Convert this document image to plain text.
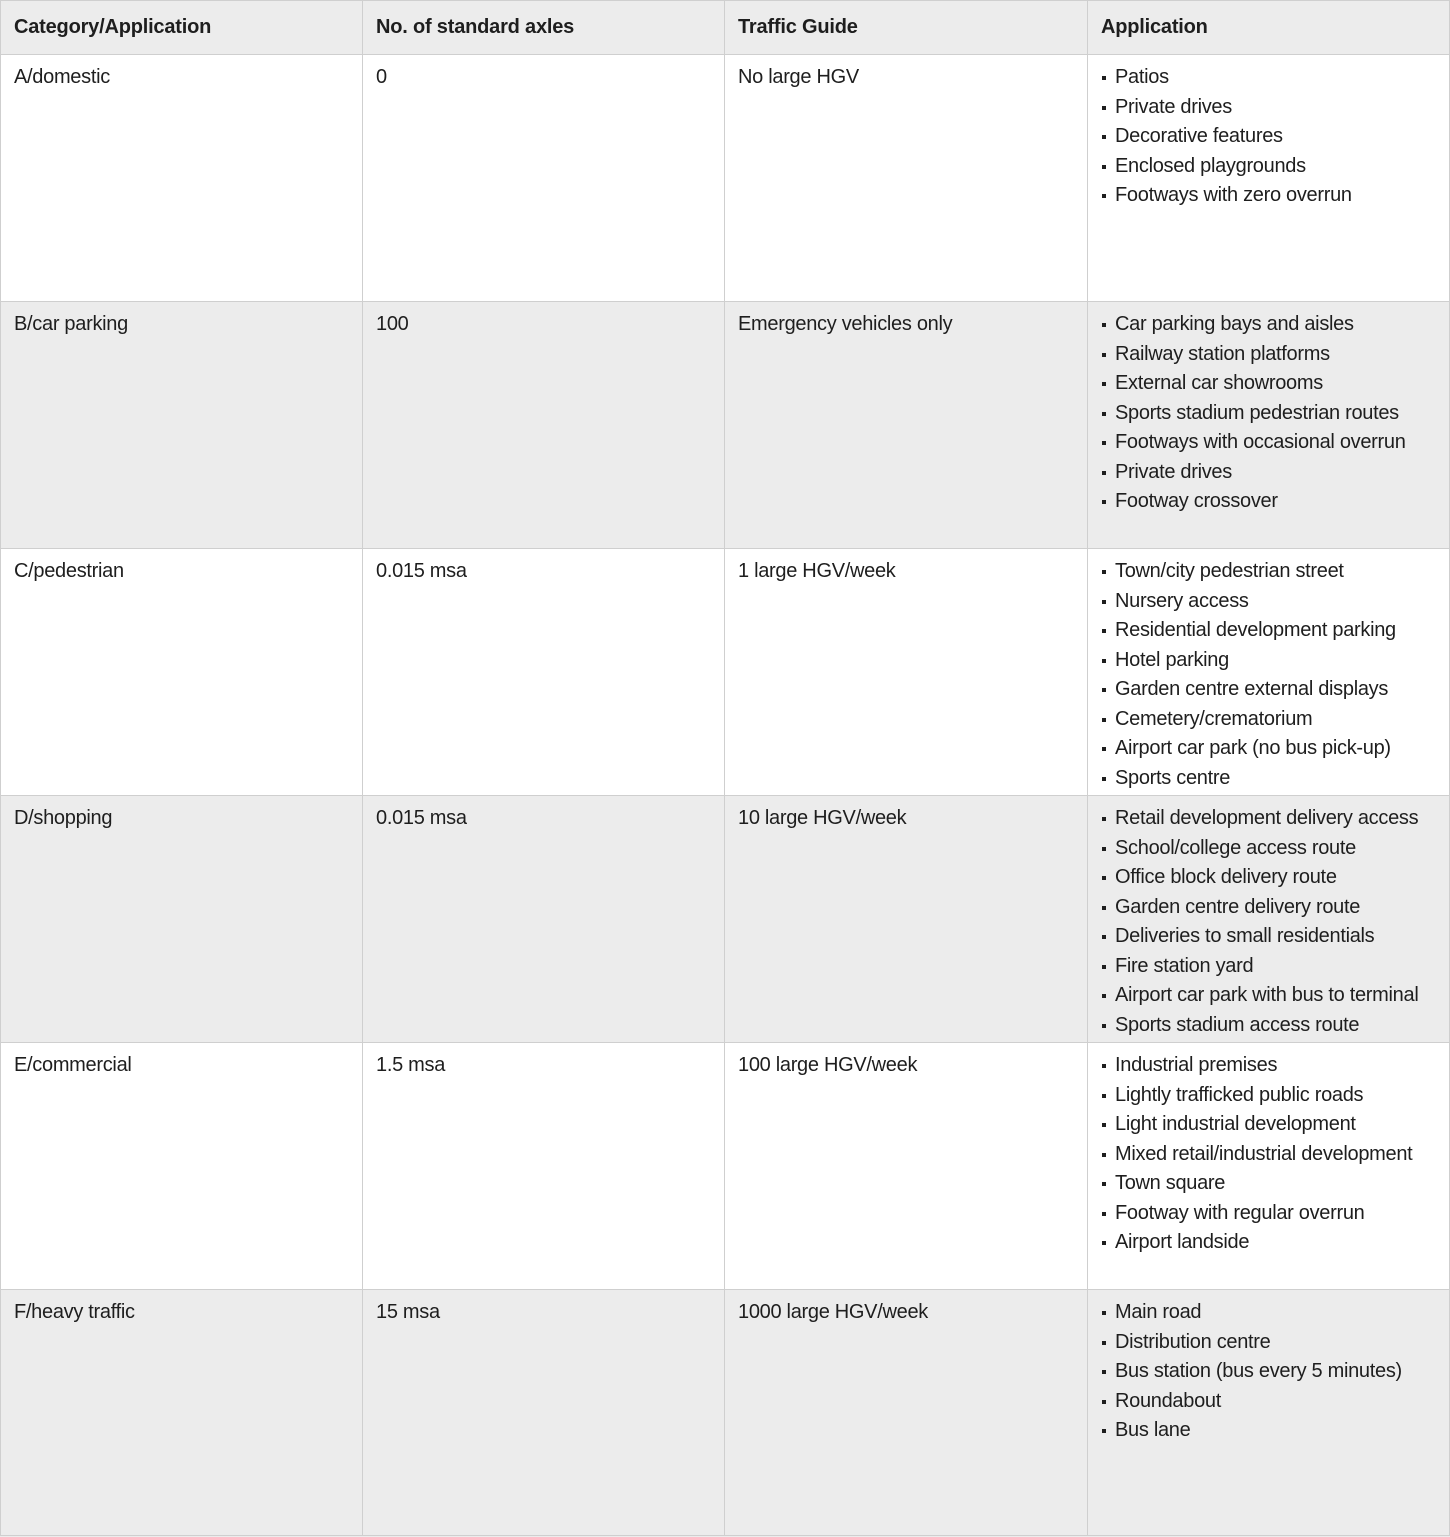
Category/Application	No. of standard axles	Traffic Guide	Application
A/domestic	0	No large HGV	Patios
Private drives
Decorative features
Enclosed playgrounds
Footways with zero overrun
B/car parking	100	Emergency vehicles only	Car parking bays and aisles
Railway station platforms
External car showrooms
Sports stadium pedestrian routes
Footways with occasional overrun
Private drives
Footway crossover
C/pedestrian	0.015 msa	1 large HGV/week	Town/city pedestrian street
Nursery access
Residential development parking
Hotel parking
Garden centre external displays
Cemetery/crematorium
Airport car park (no bus pick-up)
Sports centre
D/shopping	0.015 msa	10 large HGV/week	Retail development delivery access
School/college access route
Office block delivery route
Garden centre delivery route
Deliveries to small residentials
Fire station yard
Airport car park with bus to terminal
Sports stadium access route
E/commercial	1.5 msa	100 large HGV/week	Industrial premises
Lightly trafficked public roads
Light industrial development
Mixed retail/industrial development
Town square
Footway with regular overrun
Airport landside
F/heavy traffic	15 msa	1000 large HGV/week	Main road
Distribution centre
Bus station (bus every 5 minutes)
Roundabout
Bus lane
